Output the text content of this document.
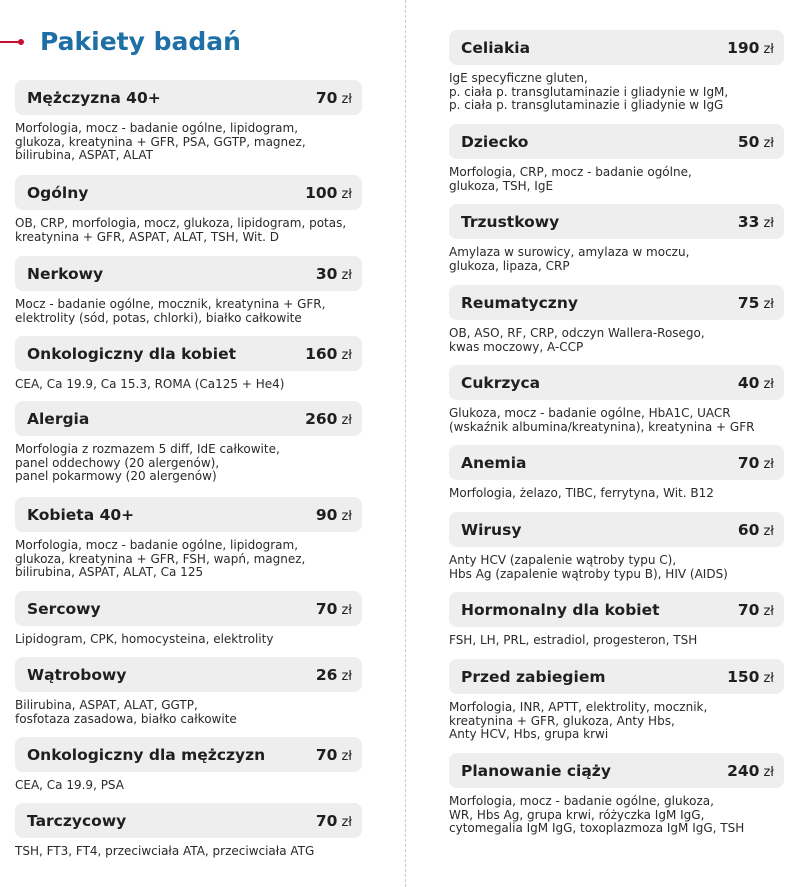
Pakiety badań
Mężczyzna 40+	70 zł

Morfologia, mocz - badanie ogólne, lipidogram,
glukoza, kreatynina + GFR, PSA, GGTP, magnez,
bilirubina, ASPAT, ALAT

Ogólny	100 zł

OB, CRP, morfologia, mocz, glukoza, lipidogram, potas,
kreatynina + GFR, ASPAT, ALAT, TSH, Wit. D

Nerkowy	30 zł

Mocz - badanie ogólne, mocznik, kreatynina + GFR,
elektrolity (sód, potas, chlorki), białko całkowite

Onkologiczny dla kobiet	160 zł

CEA, Ca 19.9, Ca 15.3, ROMA (Ca125 + He4)

Alergia	260 zł

Morfologia z rozmazem 5 diff, IdE całkowite,
panel oddechowy (20 alergenów),
panel pokarmowy (20 alergenów)

Kobieta 40+	90 zł

Morfologia, mocz - badanie ogólne, lipidogram,
glukoza, kreatynina + GFR, FSH, wapń, magnez,
bilirubina, ASPAT, ALAT, Ca 125

Sercowy	70 zł

Lipidogram, CPK, homocysteina, elektrolity

Wątrobowy	26 zł

Bilirubina, ASPAT, ALAT, GGTP,
fosfotaza zasadowa, białko całkowite

Onkologiczny dla mężczyzn	70 zł

CEA, Ca 19.9, PSA

Tarczycowy	70 zł

TSH, FT3, FT4, przeciwciała ATA, przeciwciała ATG

Celiakia	190 zł

IgE specyficzne gluten,
p. ciała p. transglutaminazie i gliadynie w IgM,
p. ciała p. transglutaminazie i gliadynie w IgG

Dziecko	50 zł

Morfologia, CRP, mocz - badanie ogólne,
glukoza, TSH, IgE

Trzustkowy	33 zł

Amylaza w surowicy, amylaza w moczu,
glukoza, lipaza, CRP

Reumatyczny	75 zł

OB, ASO, RF, CRP, odczyn Wallera-Rosego,
kwas moczowy, A-CCP

Cukrzyca	40 zł

Glukoza, mocz - badanie ogólne, HbA1C, UACR
(wskaźnik albumina/kreatynina), kreatynina + GFR

Anemia	70 zł

Morfologia, żelazo, TIBC, ferrytyna, Wit. B12

Wirusy	60 zł

Anty HCV (zapalenie wątroby typu C),
Hbs Ag (zapalenie wątroby typu B), HIV (AIDS)

Hormonalny dla kobiet	70 zł

FSH, LH, PRL, estradiol, progesteron, TSH

Przed zabiegiem	150 zł

Morfologia, INR, APTT, elektrolity, mocznik,
kreatynina + GFR, glukoza, Anty Hbs,
Anty HCV, Hbs, grupa krwi

Planowanie ciąży	240 zł

Morfologia, mocz - badanie ogólne, glukoza,
WR, Hbs Ag, grupa krwi, różyczka IgM IgG,
cytomegalia IgM IgG, toxoplazmoza IgM IgG, TSH
